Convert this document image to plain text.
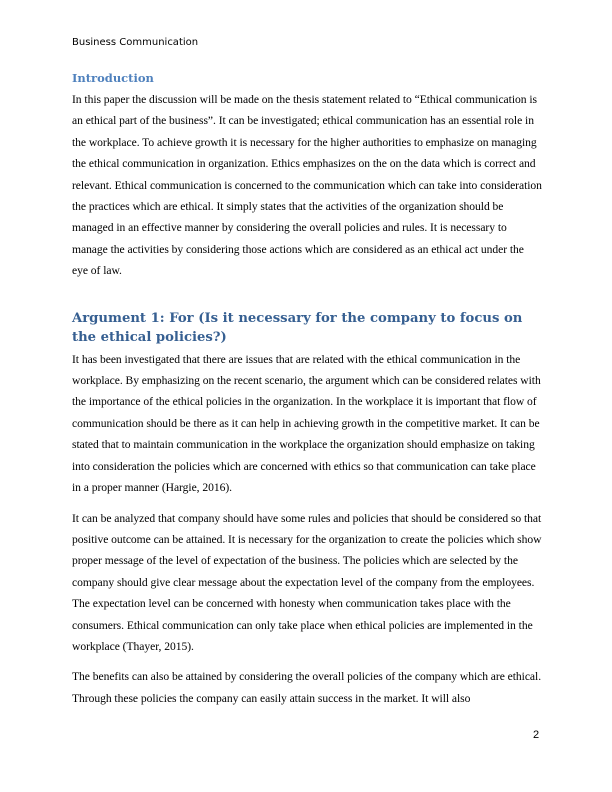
Business Communication
Introduction

In this paper the discussion will be made on the thesis statement related to “Ethical communication is an ethical part of the business”. It can be investigated; ethical communication has an essential role in the workplace. To achieve growth it is necessary for the higher authorities to emphasize on managing the ethical communication in organization. Ethics emphasizes on the on the data which is correct and relevant. Ethical communication is concerned to the communication which can take into consideration the practices which are ethical. It simply states that the activities of the organization should be managed in an effective manner by considering the overall policies and rules. It is necessary to manage the activities by considering those actions which are considered as an ethical act under the eye of law.

Argument 1: For (Is it necessary for the company to focus on the ethical policies?)

It has been investigated that there are issues that are related with the ethical communication in the workplace. By emphasizing on the recent scenario, the argument which can be considered relates with the importance of the ethical policies in the organization. In the workplace it is important that flow of communication should be there as it can help in achieving growth in the competitive market. It can be stated that to maintain communication in the workplace the organization should emphasize on taking into consideration the policies which are concerned with ethics so that communication can take place in a proper manner (Hargie, 2016).

It can be analyzed that company should have some rules and policies that should be considered so that positive outcome can be attained. It is necessary for the organization to create the policies which show proper message of the level of expectation of the business. The policies which are selected by the company should give clear message about the expectation level of the company from the employees. The expectation level can be concerned with honesty when communication takes place with the consumers. Ethical communication can only take place when ethical policies are implemented in the workplace (Thayer, 2015).

The benefits can also be attained by considering the overall policies of the company which are ethical. Through these policies the company can easily attain success in the market. It will also

2
